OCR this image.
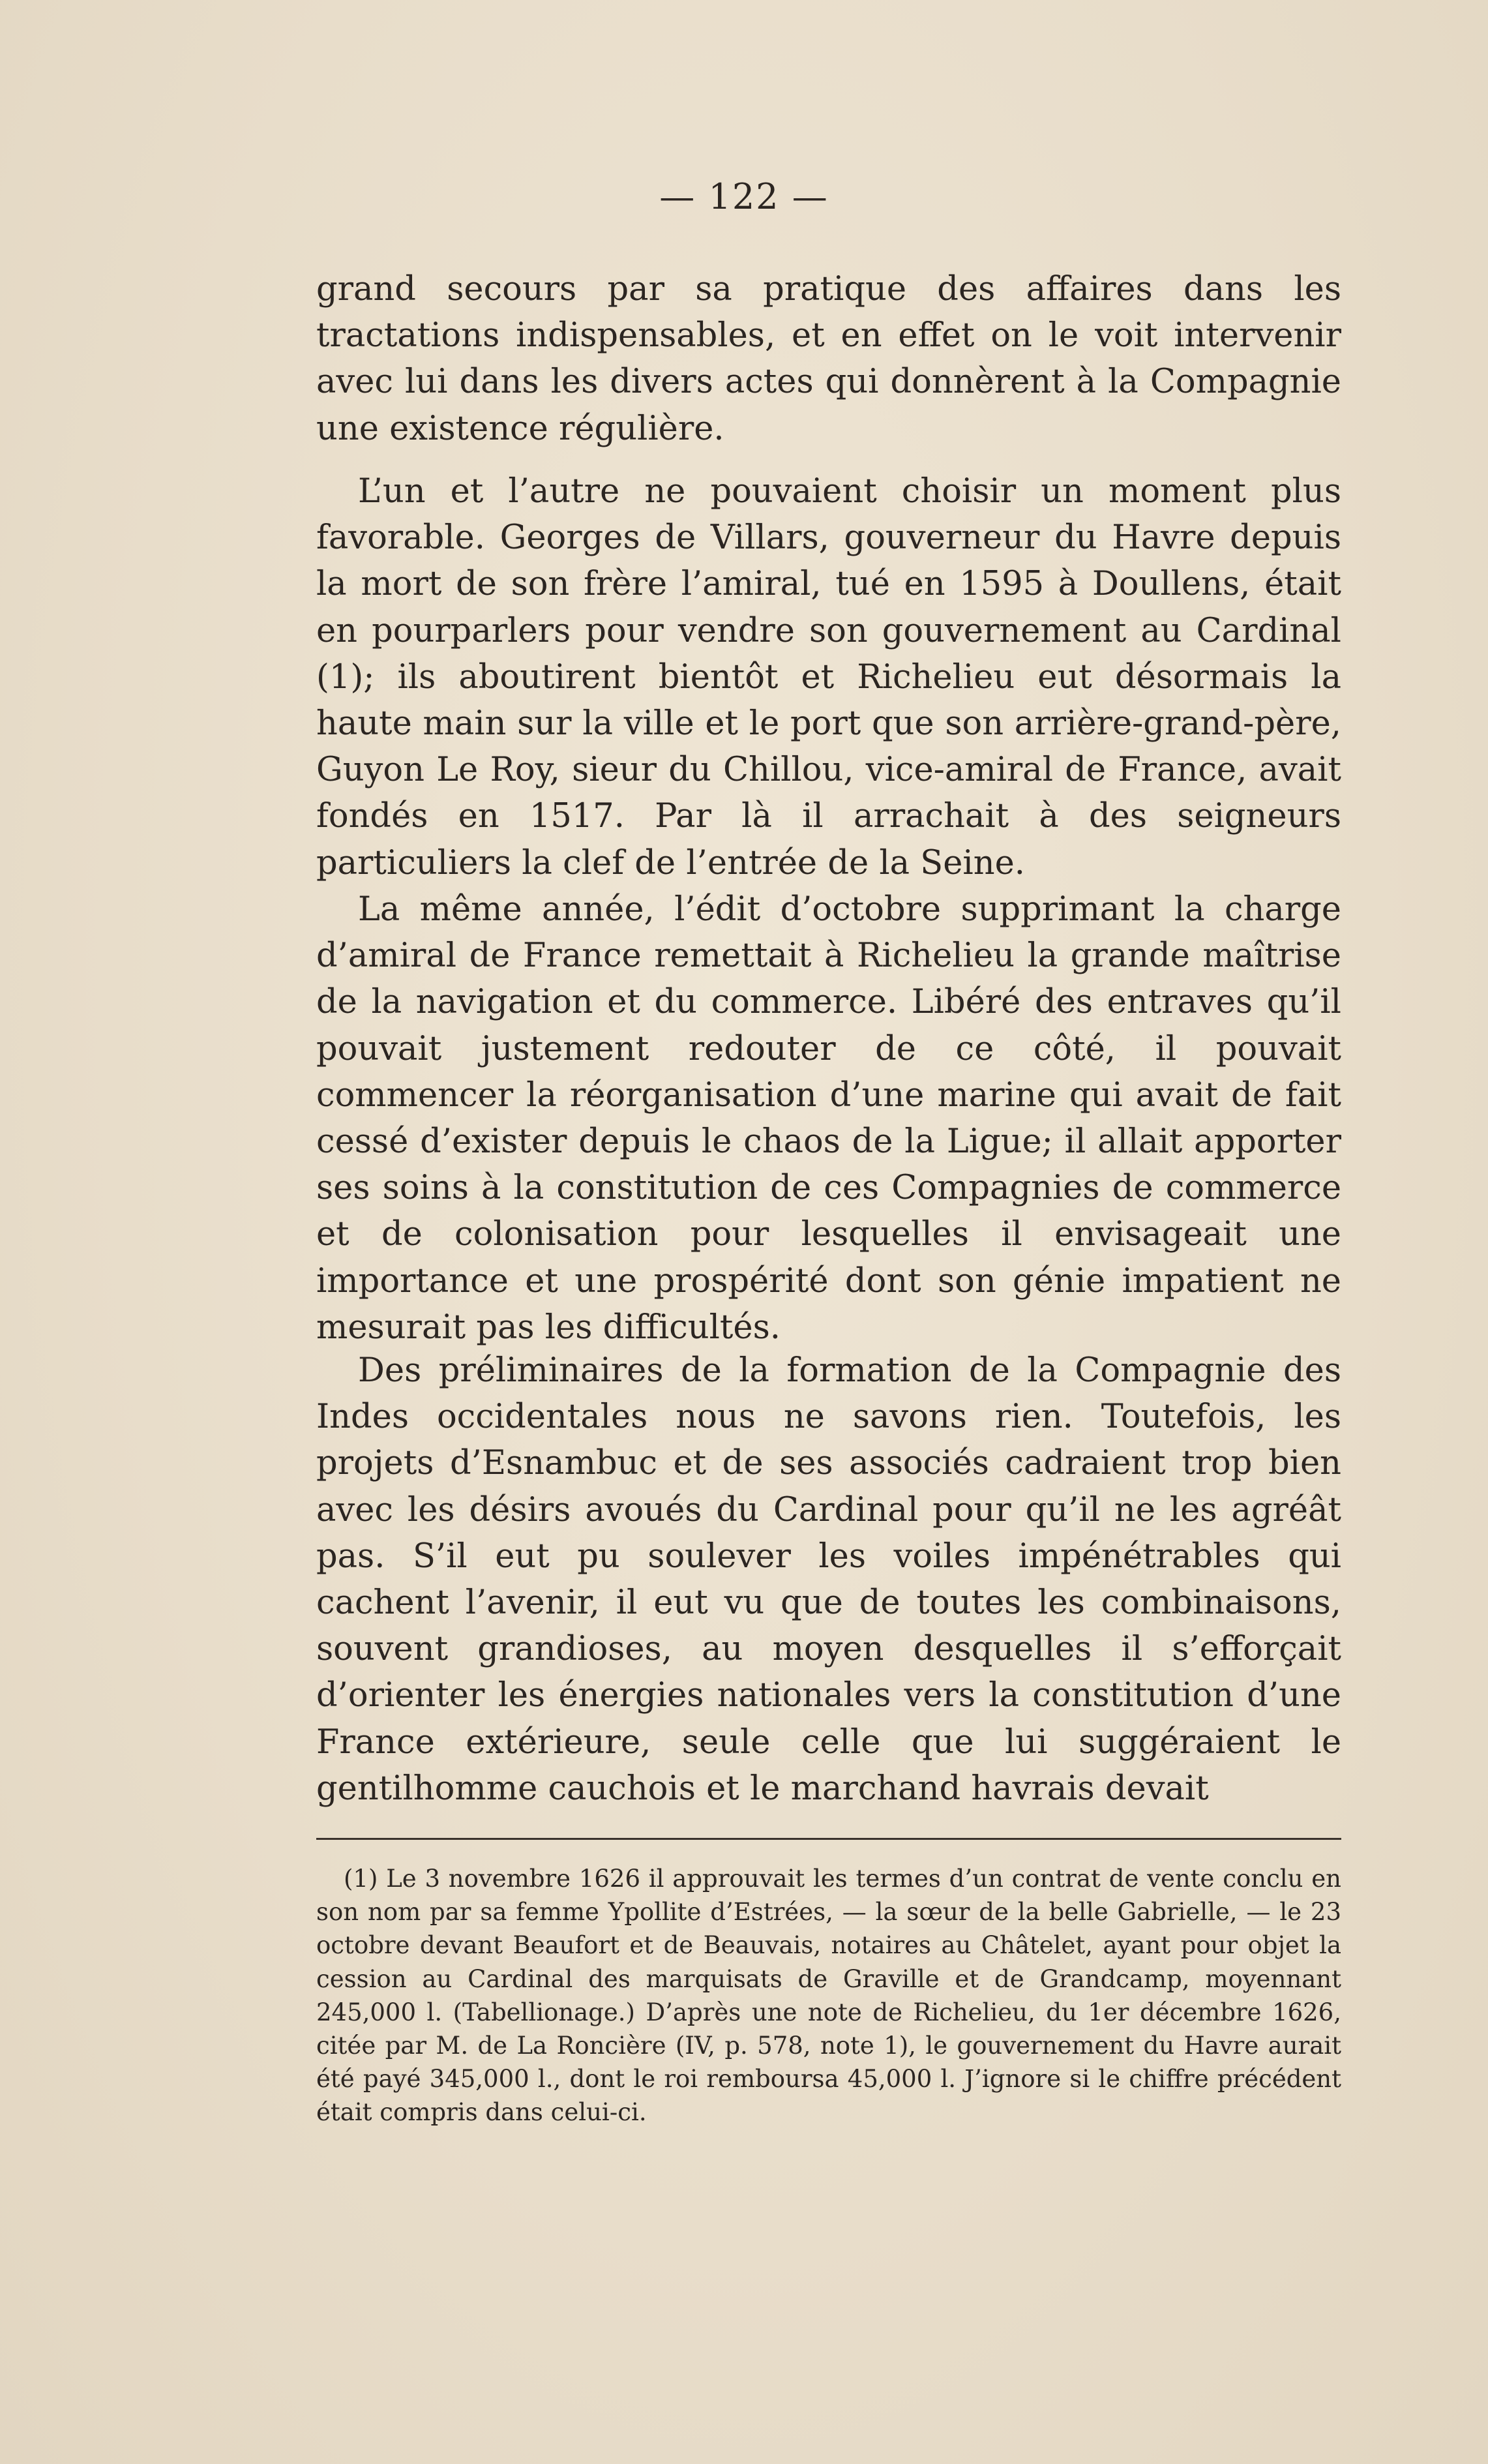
— 122 —

grand secours par sa pratique des affaires dans les tractations indispensables, et en effet on le voit intervenir avec lui dans les divers actes qui donnèrent à la Compagnie une existence régulière.

L’un et l’autre ne pouvaient choisir un moment plus favorable. Georges de Villars, gouverneur du Havre depuis la mort de son frère l’amiral, tué en 1595 à Doullens, était en pourparlers pour vendre son gouvernement au Cardinal (1); ils aboutirent bientôt et Richelieu eut désormais la haute main sur la ville et le port que son arrière-grand-père, Guyon Le Roy, sieur du Chillou, vice-amiral de France, avait fondés en 1517. Par là il arrachait à des seigneurs particuliers la clef de l’entrée de la Seine.

La même année, l’édit d’octobre supprimant la charge d’amiral de France remettait à Richelieu la grande maîtrise de la navigation et du commerce. Libéré des entraves qu’il pouvait justement redouter de ce côté, il pouvait commencer la réorganisation d’une marine qui avait de fait cessé d’exister depuis le chaos de la Ligue; il allait apporter ses soins à la constitution de ces Compagnies de commerce et de colonisation pour lesquelles il envisageait une importance et une prospérité dont son génie impatient ne mesurait pas les difficultés.

Des préliminaires de la formation de la Compagnie des Indes occidentales nous ne savons rien. Toutefois, les projets d’Esnambuc et de ses associés cadraient trop bien avec les désirs avoués du Cardinal pour qu’il ne les agréât pas. S’il eut pu soulever les voiles impénétrables qui cachent l’avenir, il eut vu que de toutes les combinaisons, souvent grandioses, au moyen desquelles il s’efforçait d’orienter les énergies nationales vers la constitution d’une France extérieure, seule celle que lui suggéraient le gentilhomme cauchois et le marchand havrais devait

(1) Le 3 novembre 1626 il approuvait les termes d’un contrat de vente conclu en son nom par sa femme Ypollite d’Estrées, — la sœur de la belle Gabrielle, — le 23 octobre devant Beaufort et de Beauvais, notaires au Châtelet, ayant pour objet la cession au Cardinal des marquisats de Graville et de Grandcamp, moyennant 245,000 l. (Tabellionage.) D’après une note de Richelieu, du 1er décembre 1626, citée par M. de La Roncière (IV, p. 578, note 1), le gouvernement du Havre aurait été payé 345,000 l., dont le roi remboursa 45,000 l. J’ignore si le chiffre précédent était compris dans celui-ci.
